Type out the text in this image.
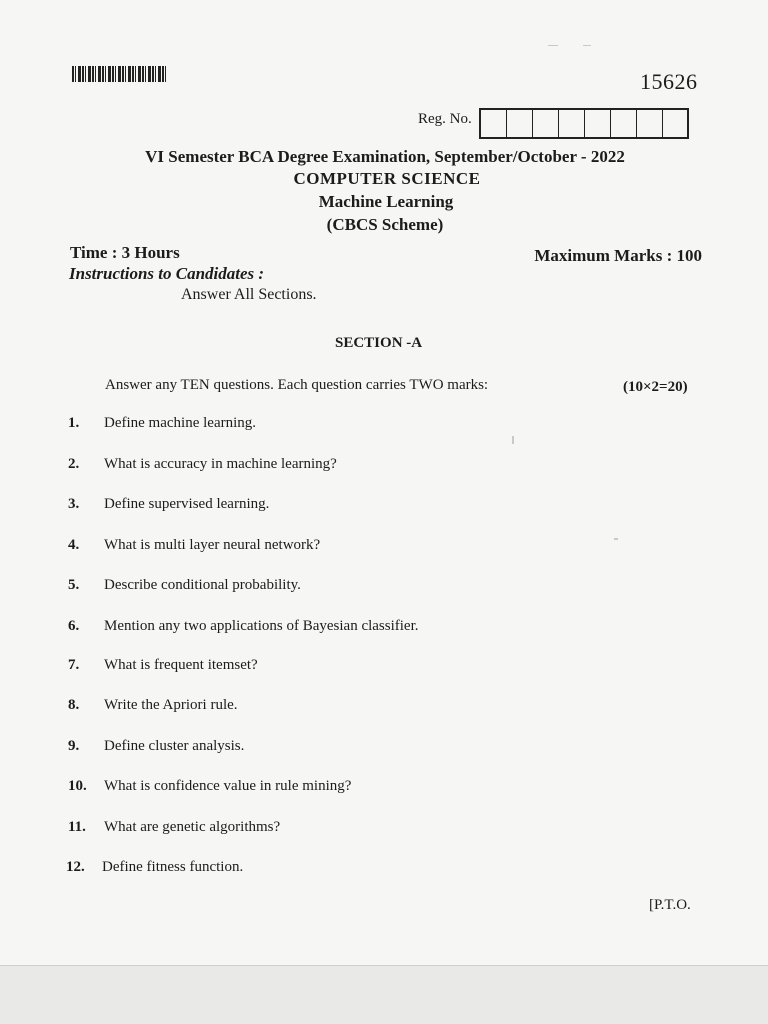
15626
Reg. No.
VI Semester BCA Degree Examination, September/October - 2022
COMPUTER SCIENCE
Machine Learning
(CBCS Scheme)
Time : 3 Hours	Maximum Marks : 100
Instructions to Candidates :
Answer All Sections.
SECTION -A
Answer any TEN questions. Each question carries TWO marks:	(10×2=20)
1. Define machine learning.
2. What is accuracy in machine learning?
3. Define supervised learning.
4. What is multi layer neural network?
5. Describe conditional probability.
6. Mention any two applications of Bayesian classifier.
7. What is frequent itemset?
8. Write the Apriori rule.
9. Define cluster analysis.
10. What is confidence value in rule mining?
11. What are genetic algorithms?
12. Define fitness function.
[P.T.O.
